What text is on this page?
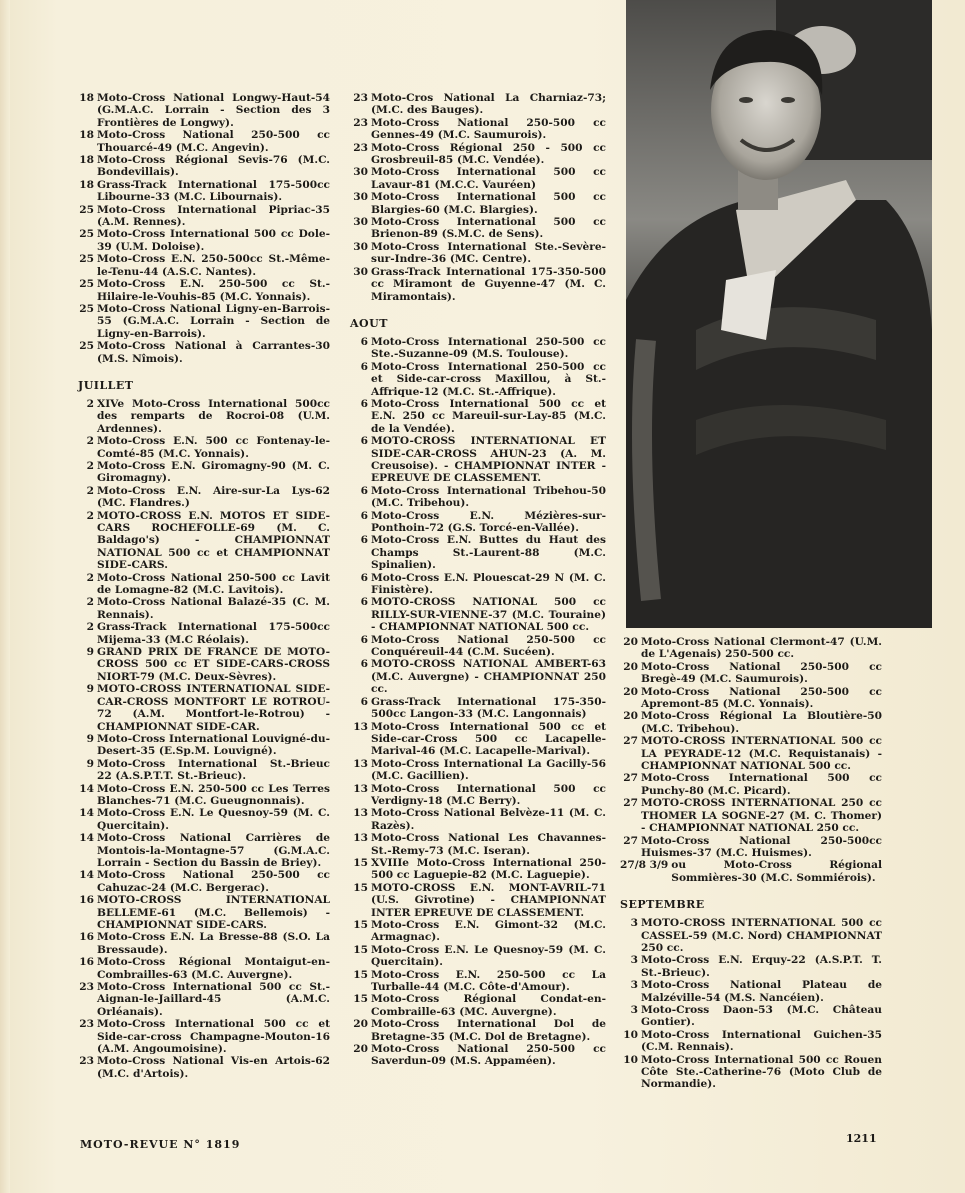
18 Moto-Cross National Longwy-Haut-54 (G.M.A.C. Lorrain - Section des 3 Frontières de Longwy).
18 Moto-Cross National 250-500 cc Thouarcé-49 (M.C. Angevin).
18 Moto-Cross Régional Sevis-76 (M.C. Bondevillais).
18 Grass-Track International 175-500cc Libourne-33 (M.C. Libournais).
25 Moto-Cross International Pipriac-35 (A.M. Rennes).
25 Moto-Cross International 500 cc Dole-39 (U.M. Doloise).
25 Moto-Cross E.N. 250-500cc St.-Même-le-Tenu-44 (A.S.C. Nantes).
25 Moto-Cross E.N. 250-500 cc St.-Hilaire-le-Vouhis-85 (M.C. Yonnais).
25 Moto-Cross National Ligny-en-Barrois-55 (G.M.A.C. Lorrain - Section de Ligny-en-Barrois).
25 Moto-Cross National à Carrantes-30 (M.S. Nîmois).
JUILLET
2 XIVe Moto-Cross International 500cc des remparts de Rocroi-08 (U.M. Ardennes).
2 Moto-Cross E.N. 500 cc Fontenay-le-Comté-85 (M.C. Yonnais).
2 Moto-Cross E.N. Giromagny-90 (M. C. Giromagny).
2 Moto-Cross E.N. Aire-sur-La Lys-62 (MC. Flandres.)
2 MOTO-CROSS E.N. MOTOS ET SIDE-CARS ROCHEFOLLE-69 (M. C. Baldago's) - CHAMPIONNAT NATIONAL 500 cc et CHAMPIONNAT SIDE-CARS.
2 Moto-Cross National 250-500 cc Lavit de Lomagne-82 (M.C. Lavitois).
2 Moto-Cross National Balazé-35 (C. M. Rennais).
2 Grass-Track International 175-500cc Mijema-33 (M.C Réolais).
9 GRAND PRIX DE FRANCE DE MOTO-CROSS 500 cc ET SIDE-CARS-CROSS NIORT-79 (M.C. Deux-Sèvres).
9 MOTO-CROSS INTERNATIONAL SIDE-CAR-CROSS MONTFORT LE ROTROU-72 (A.M. Montfort-le-Rotrou) - CHAMPIONNAT SIDE-CAR.
9 Moto-Cross International Louvigné-du-Desert-35 (E.Sp.M. Louvigné).
9 Moto-Cross International St.-Brieuc 22 (A.S.P.T.T. St.-Brieuc).
14 Moto-Cross E.N. 250-500 cc Les Terres Blanches-71 (M.C. Gueugnonnais).
14 Moto-Cross E.N. Le Quesnoy-59 (M. C. Quercitain).
14 Moto-Cross National Carrières de Montois-la-Montagne-57 (G.M.A.C. Lorrain - Section du Bassin de Briey).
14 Moto-Cross National 250-500 cc Cahuzac-24 (M.C. Bergerac).
16 MOTO-CROSS INTERNATIONAL BELLEME-61 (M.C. Bellemois) - CHAMPIONNAT SIDE-CARS.
16 Moto-Cross E.N. La Bresse-88 (S.O. La Bressaude).
16 Moto-Cross Régional Montaigut-en-Combrailles-63 (M.C. Auvergne).
23 Moto-Cross International 500 cc St.-Aignan-le-Jaillard-45 (A.M.C. Orléanais).
23 Moto-Cross International 500 cc et Side-car-cross Champagne-Mouton-16 (A.M. Angoumoisine).
23 Moto-Cross National Vis-en Artois-62 (M.C. d'Artois).
23 Moto-Cros National La Charniaz-73; (M.C. des Bauges).
23 Moto-Cross National 250-500 cc Gennes-49 (M.C. Saumurois).
23 Moto-Cross Régional 250 - 500 cc Grosbreuil-85 (M.C. Vendée).
30 Moto-Cross International 500 cc Lavaur-81 (M.C.C. Vauréen)
30 Moto-Cross International 500 cc Blargies-60 (M.C. Blargies).
30 Moto-Cross International 500 cc Brienon-89 (S.M.C. de Sens).
30 Moto-Cross International Ste.-Sevère-sur-Indre-36 (MC. Centre).
30 Grass-Track International 175-350-500 cc Miramont de Guyenne-47 (M. C. Miramontais).
AOUT
6 Moto-Cross International 250-500 cc Ste.-Suzanne-09 (M.S. Toulouse).
6 Moto-Cross International 250-500 cc et Side-car-cross Maxillou, à St.-Affrique-12 (M.C. St.-Affrique).
6 Moto-Cross International 500 cc et E.N. 250 cc Mareuil-sur-Lay-85 (M.C. de la Vendée).
6 MOTO-CROSS INTERNATIONAL ET SIDE-CAR-CROSS AHUN-23 (A. M. Creusoise). - CHAMPIONNAT INTER - EPREUVE DE CLASSEMENT.
6 Moto-Cross International Tribehou-50 (M.C. Tribehou).
6 Moto-Cross E.N. Mézières-sur-Ponthoin-72 (G.S. Torcé-en-Vallée).
6 Moto-Cross E.N. Buttes du Haut des Champs St.-Laurent-88 (M.C. Spinalien).
6 Moto-Cross E.N. Plouescat-29 N (M. C. Finistère).
6 MOTO-CROSS NATIONAL 500 cc RILLY-SUR-VIENNE-37 (M.C. Touraine) - CHAMPIONNAT NATIONAL 500 cc.
6 Moto-Cross National 250-500 cc Conquéreuil-44 (C.M. Sucéen).
6 MOTO-CROSS NATIONAL AMBERT-63 (M.C. Auvergne) - CHAMPIONNAT 250 cc.
6 Grass-Track International 175-350-500cc Langon-33 (M.C. Langonnais)
13 Moto-Cross International 500 cc et Side-car-Cross 500 cc Lacapelle-Marival-46 (M.C. Lacapelle-Marival).
13 Moto-Cross International La Gacilly-56 (M.C. Gacillien).
13 Moto-Cross International 500 cc Verdigny-18 (M.C Berry).
13 Moto-Cross National Belvèze-11 (M. C. Razès).
13 Moto-Cross National Les Chavannes-St.-Remy-73 (M.C. Iseran).
15 XVIIIe Moto-Cross International 250-500 cc Laguepie-82 (M.C. Laguepie).
15 MOTO-CROSS E.N. MONT-AVRIL-71 (U.S. Givrotine) - CHAMPIONNAT INTER EPREUVE DE CLASSEMENT.
15 Moto-Cross E.N. Gimont-32 (M.C. Armagnac).
15 Moto-Cross E.N. Le Quesnoy-59 (M. C. Quercitain).
15 Moto-Cross E.N. 250-500 cc La Turballe-44 (M.C. Côte-d'Amour).
15 Moto-Cross Régional Condat-en-Combraille-63 (MC. Auvergne).
20 Moto-Cross International Dol de Bretagne-35 (M.C. Dol de Bretagne).
20 Moto-Cross National 250-500 cc Saverdun-09 (M.S. Appaméen).
20 Moto-Cross National Clermont-47 (U.M. de L'Agenais) 250-500 cc.
20 Moto-Cross National 250-500 cc Bregè-49 (M.C. Saumurois).
20 Moto-Cross National 250-500 cc Apremont-85 (M.C. Yonnais).
20 Moto-Cross Régional La Bloutière-50 (M.C. Tribehou).
27 MOTO-CROSS INTERNATIONAL 500 cc LA PEYRADE-12 (M.C. Requistanais) - CHAMPIONNAT NATIONAL 500 cc.
27 Moto-Cross International 500 cc Punchy-80 (M.C. Picard).
27 MOTO-CROSS INTERNATIONAL 250 cc THOMER LA SOGNE-27 (M. C. Thomer) - CHAMPIONNAT NATIONAL 250 cc.
27 Moto-Cross National 250-500cc Huismes-37 (M.C. Huismes).
27/8 3/9 ou Moto-Cross Régional Sommières-30 (M.C. Sommiérois).
SEPTEMBRE
3 MOTO-CROSS INTERNATIONAL 500 cc CASSEL-59 (M.C. Nord) CHAMPIONNAT 250 cc.
3 Moto-Cross E.N. Erquy-22 (A.S.P.T. T. St.-Brieuc).
3 Moto-Cross National Plateau de Malzéville-54 (M.S. Nancéien).
3 Moto-Cross Daon-53 (M.C. Château Gontier).
10 Moto-Cross International Guichen-35 (C.M. Rennais).
10 Moto-Cross International 500 cc Rouen Côte Ste.-Catherine-76 (Moto Club de Normandie).
MOTO-REVUE N° 1819	1211
